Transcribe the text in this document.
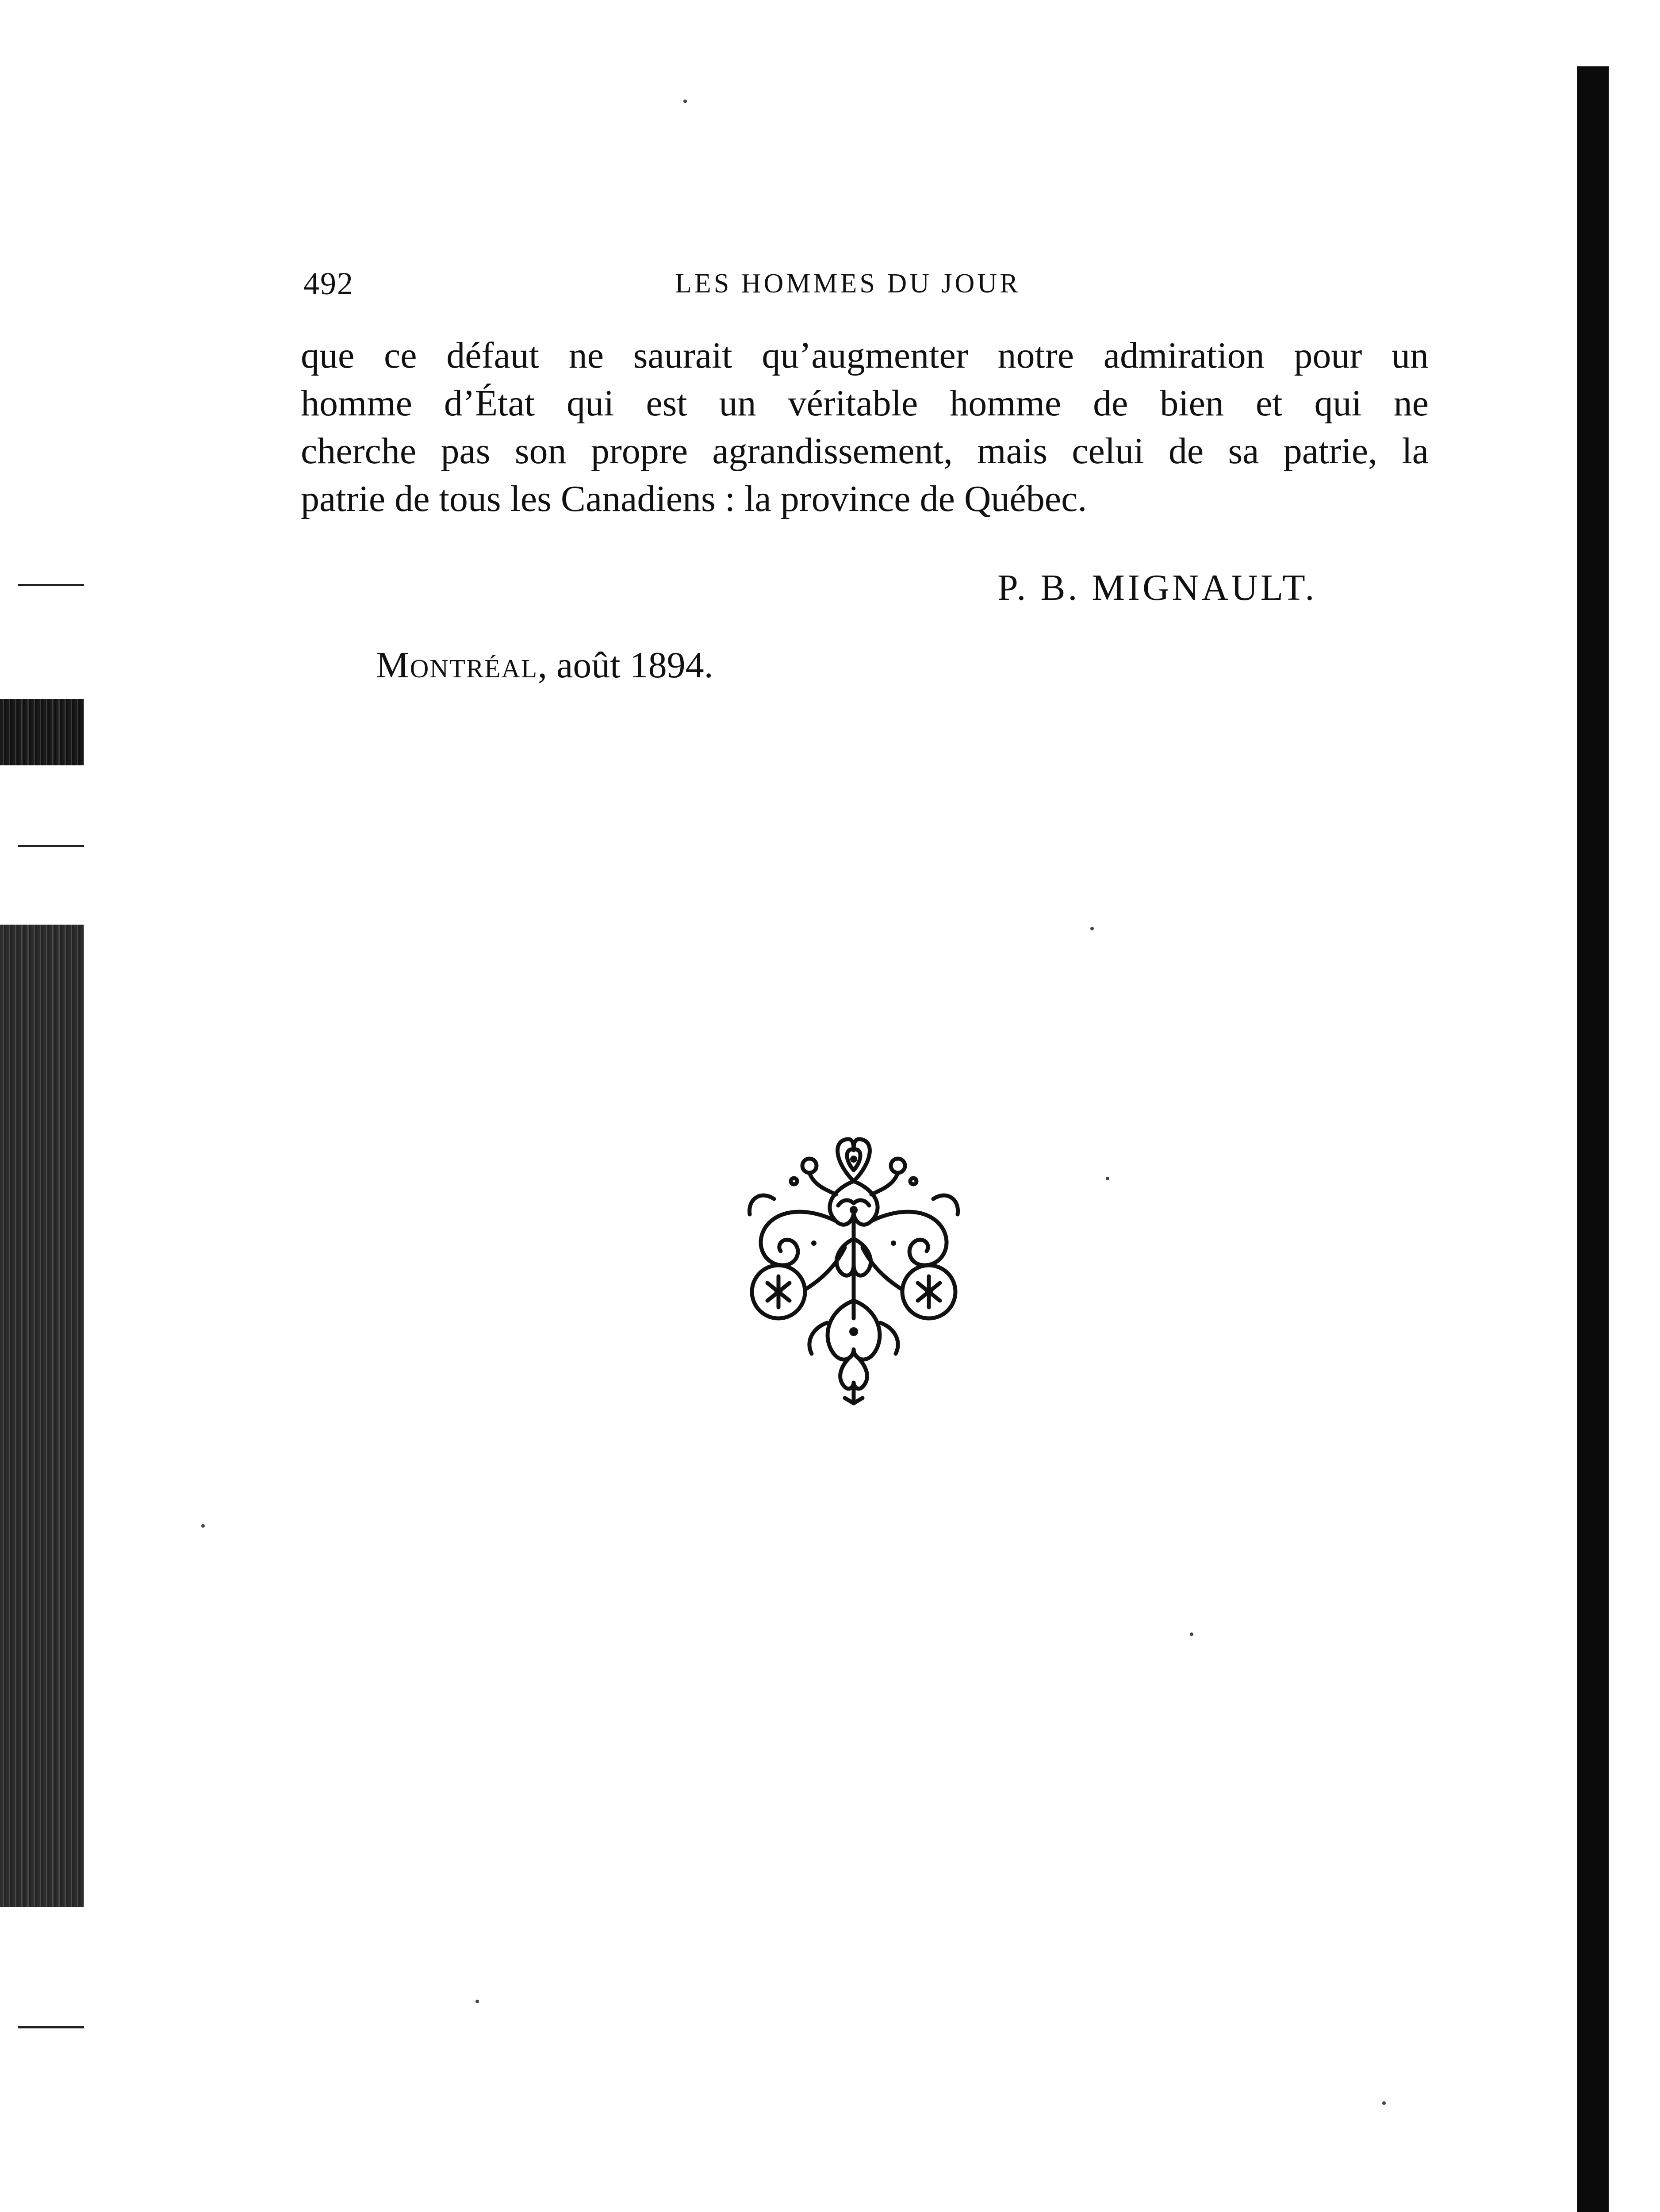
492	LES HOMMES DU JOUR
que ce défaut ne saurait qu’augmenter notre admiration pour un
homme d’État qui est un véritable homme de bien et qui ne
cherche pas son propre agrandissement, mais celui de sa patrie, la
patrie de tous les Canadiens : la province de Québec.
P. B. MIGNAULT.
Montréal, août 1894.
